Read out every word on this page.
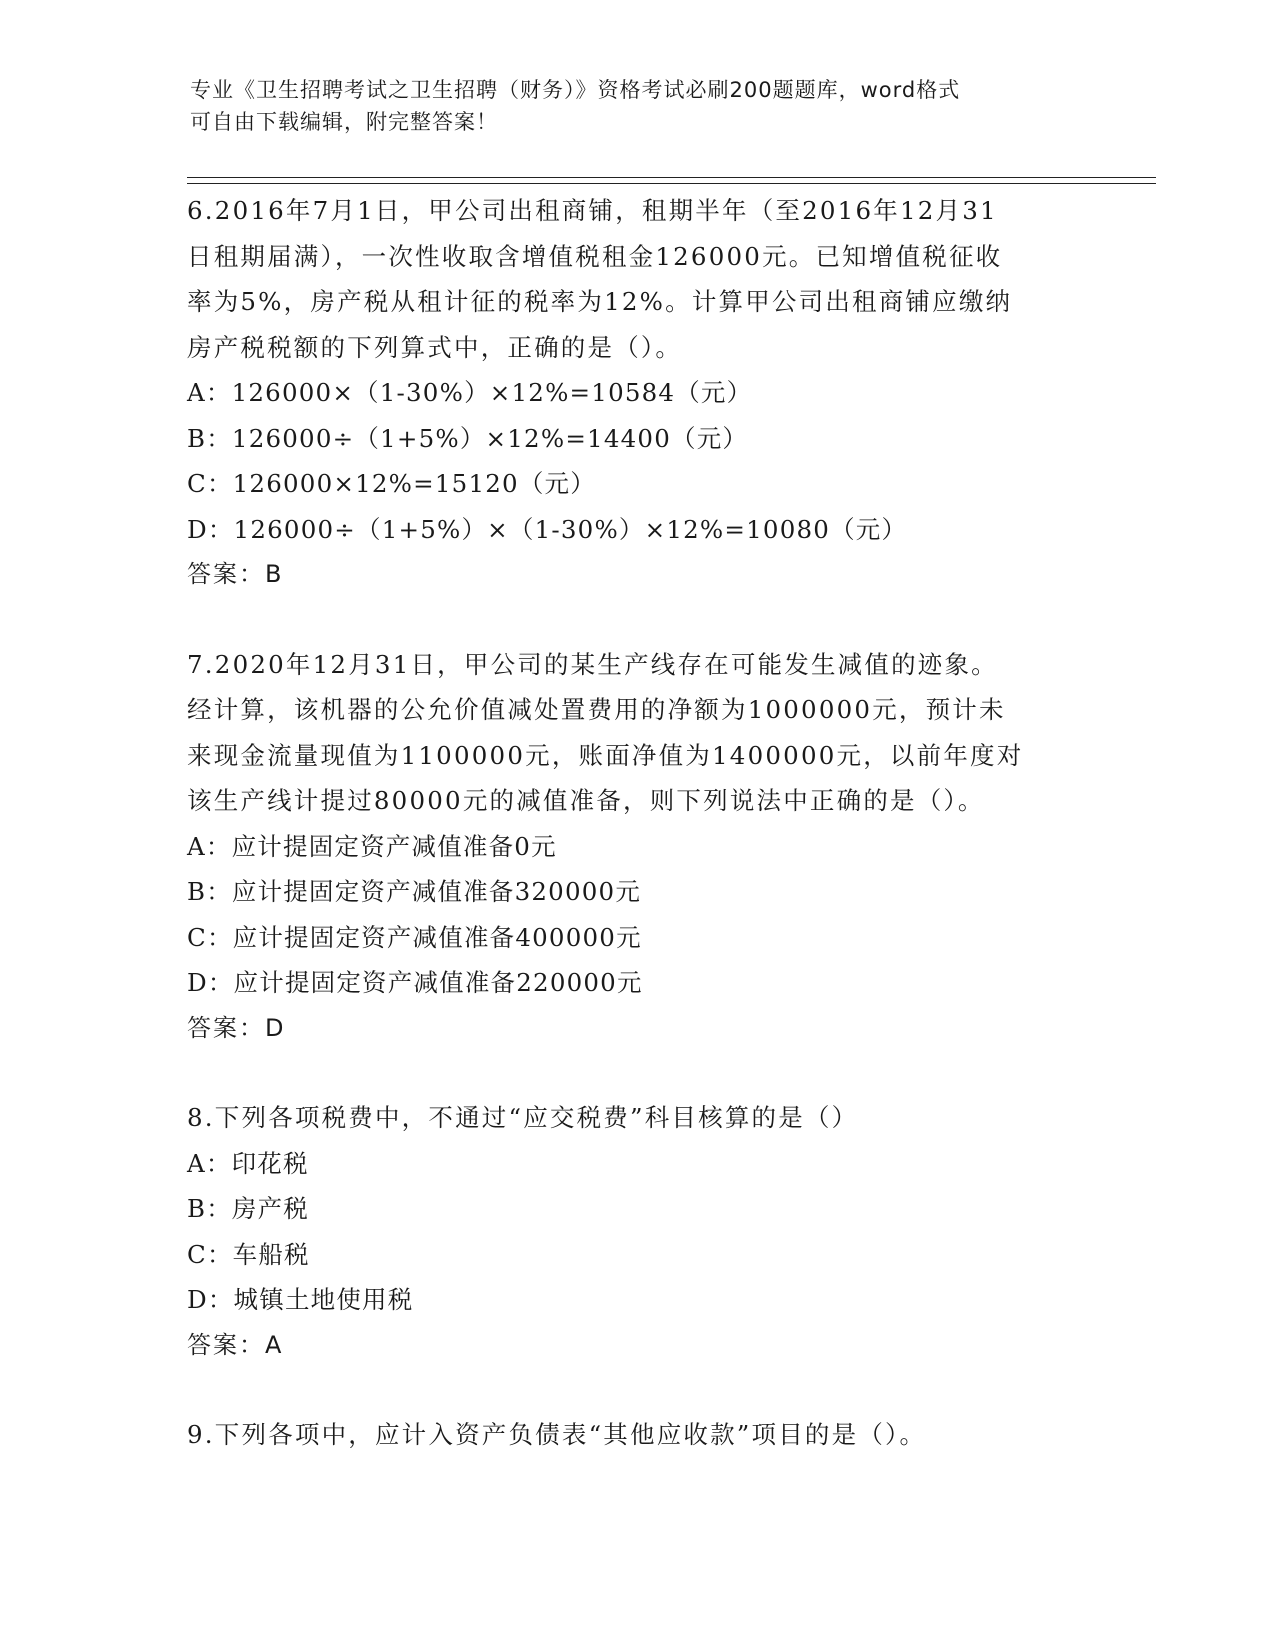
专业《卫生招聘考试之卫生招聘（财务）》资格考试必刷200题题库，word格式
可自由下载编辑，附完整答案！
6.2016年7月1日，甲公司出租商铺，租期半年（至2016年12月31
日租期届满），一次性收取含增值税租金126000元。已知增值税征收
率为5%，房产税从租计征的税率为12%。计算甲公司出租商铺应缴纳
房产税税额的下列算式中，正确的是（）。
A：126000×（1-30%）×12%=10584（元）
B：126000÷（1+5%）×12%=14400（元）
C：126000×12%=15120（元）
D：126000÷（1+5%）×（1-30%）×12%=10080（元）
答案：B
7.2020年12月31日，甲公司的某生产线存在可能发生减值的迹象。
经计算，该机器的公允价值减处置费用的净额为1000000元，预计未
来现金流量现值为1100000元，账面净值为1400000元，以前年度对
该生产线计提过80000元的减值准备，则下列说法中正确的是（）。
A：应计提固定资产减值准备0元
B：应计提固定资产减值准备320000元
C：应计提固定资产减值准备400000元
D：应计提固定资产减值准备220000元
答案：D
8.下列各项税费中，不通过“应交税费”科目核算的是（）
A：印花税
B：房产税
C：车船税
D：城镇土地使用税
答案：A
9.下列各项中，应计入资产负债表“其他应收款”项目的是（）。
